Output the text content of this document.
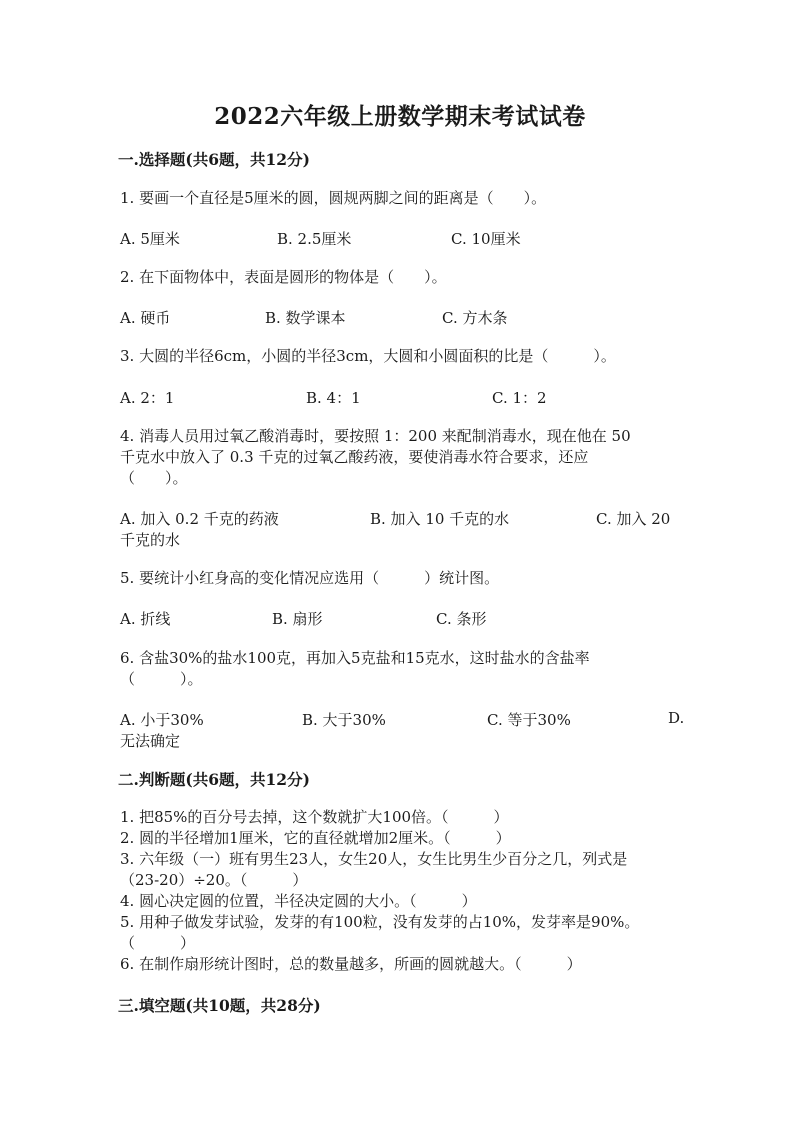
2022六年级上册数学期末考试试卷
一.选择题(共6题，共12分)
1. 要画一个直径是5厘米的圆，圆规两脚之间的距离是（　　）。
A. 5厘米	B. 2.5厘米	C. 10厘米
2. 在下面物体中，表面是圆形的物体是（　　）。
A. 硬币	B. 数学课本	C. 方木条
3. 大圆的半径6cm，小圆的半径3cm，大圆和小圆面积的比是（　　　）。
A. 2：1	B. 4：1	C. 1：2
4. 消毒人员用过氧乙酸消毒时，要按照 1：200 来配制消毒水，现在他在 50
千克水中放入了 0.3 千克的过氧乙酸药液，要使消毒水符合要求，还应
（　　）。
A. 加入 0.2 千克的药液	B. 加入 10 千克的水	C. 加入 20
千克的水
5. 要统计小红身高的变化情况应选用（　　　）统计图。
A. 折线	B. 扇形	C. 条形
6. 含盐30%的盐水100克，再加入5克盐和15克水，这时盐水的含盐率
（　　　）。
A. 小于30%	B. 大于30%	C. 等于30%	D.
无法确定
二.判断题(共6题，共12分)
1. 把85%的百分号去掉，这个数就扩大100倍。（　　　）
2. 圆的半径增加1厘米，它的直径就增加2厘米。（　　　）
3. 六年级（一）班有男生23人，女生20人，女生比男生少百分之几，列式是
（23-20）÷20。（　　　）
4. 圆心决定圆的位置，半径决定圆的大小。（　　　）
5. 用种子做发芽试验，发芽的有100粒，没有发芽的占10%，发芽率是90%。
（　　　）
6. 在制作扇形统计图时，总的数量越多，所画的圆就越大。（　　　）
三.填空题(共10题，共28分)
